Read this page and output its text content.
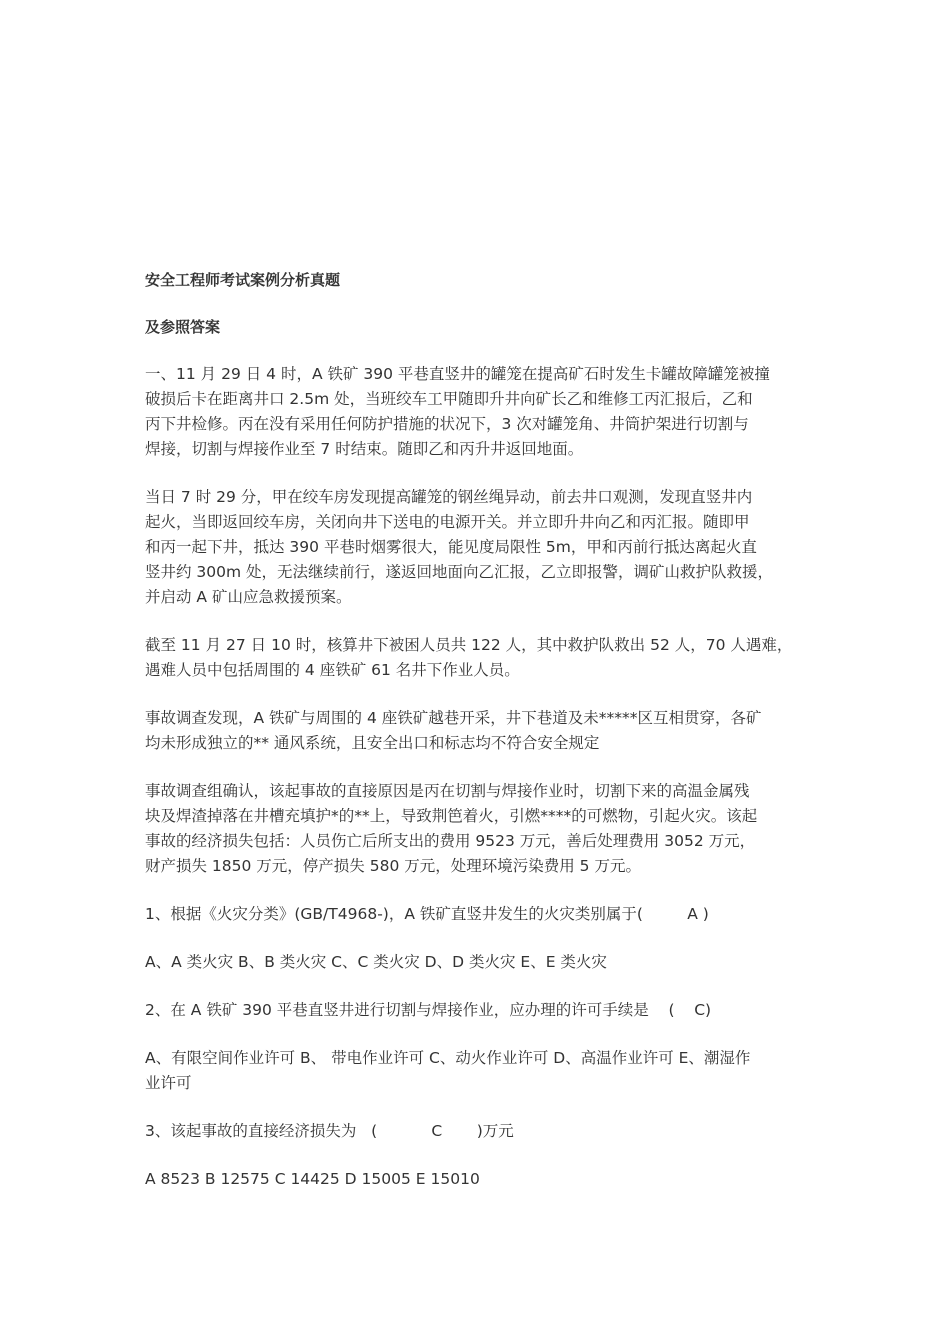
安全工程师考试案例分析真题

及参照答案

一、11 月 29 日 4 时，A 铁矿 390 平巷直竖井的罐笼在提高矿石时发生卡罐故障罐笼被撞

破损后卡在距离井口 2.5m 处，当班绞车工甲随即升井向矿长乙和维修工丙汇报后，乙和

丙下井检修。丙在没有采用任何防护措施的状况下，3 次对罐笼角、井筒护架进行切割与

焊接，切割与焊接作业至 7 时结束。随即乙和丙升井返回地面。

当日 7 时 29 分，甲在绞车房发现提高罐笼的钢丝绳异动，前去井口观测，发现直竖井内

起火，当即返回绞车房，关闭向井下送电的电源开关。并立即升井向乙和丙汇报。随即甲

和丙一起下井，抵达 390 平巷时烟雾很大，能见度局限性 5m，甲和丙前行抵达离起火直

竖井约 300m 处，无法继续前行，遂返回地面向乙汇报，乙立即报警，调矿山救护队救援，

并启动 A 矿山应急救援预案。

截至 11 月 27 日 10 时，核算井下被困人员共 122 人，其中救护队救出 52 人，70 人遇难，

遇难人员中包括周围的 4 座铁矿 61 名井下作业人员。

事故调查发现，A 铁矿与周围的 4 座铁矿越巷开采，井下巷道及未*****区互相贯穿，各矿

均未形成独立的** 通风系统，且安全出口和标志均不符合安全规定

事故调查组确认，该起事故的直接原因是丙在切割与焊接作业时，切割下来的高温金属残

块及焊渣掉落在井槽充填护*的**上，导致荆笆着火，引燃****的可燃物，引起火灾。该起

事故的经济损失包括：人员伤亡后所支出的费用 9523 万元，善后处理费用 3052 万元，

财产损失 1850 万元，停产损失 580 万元，处理环境污染费用 5 万元。

1、根据《火灾分类》(GB/T4968-)，A 铁矿直竖井发生的火灾类别属于(         A )

A、A 类火灾 B、B 类火灾 C、C 类火灾 D、D 类火灾 E、E 类火灾

2、在 A 铁矿 390 平巷直竖井进行切割与焊接作业，应办理的许可手续是    (    C)

A、有限空间作业许可 B、 带电作业许可 C、动火作业许可 D、高温作业许可 E、潮湿作

业许可

3、该起事故的直接经济损失为   (           C       )万元

A 8523 B 12575 C 14425 D 15005 E 15010
